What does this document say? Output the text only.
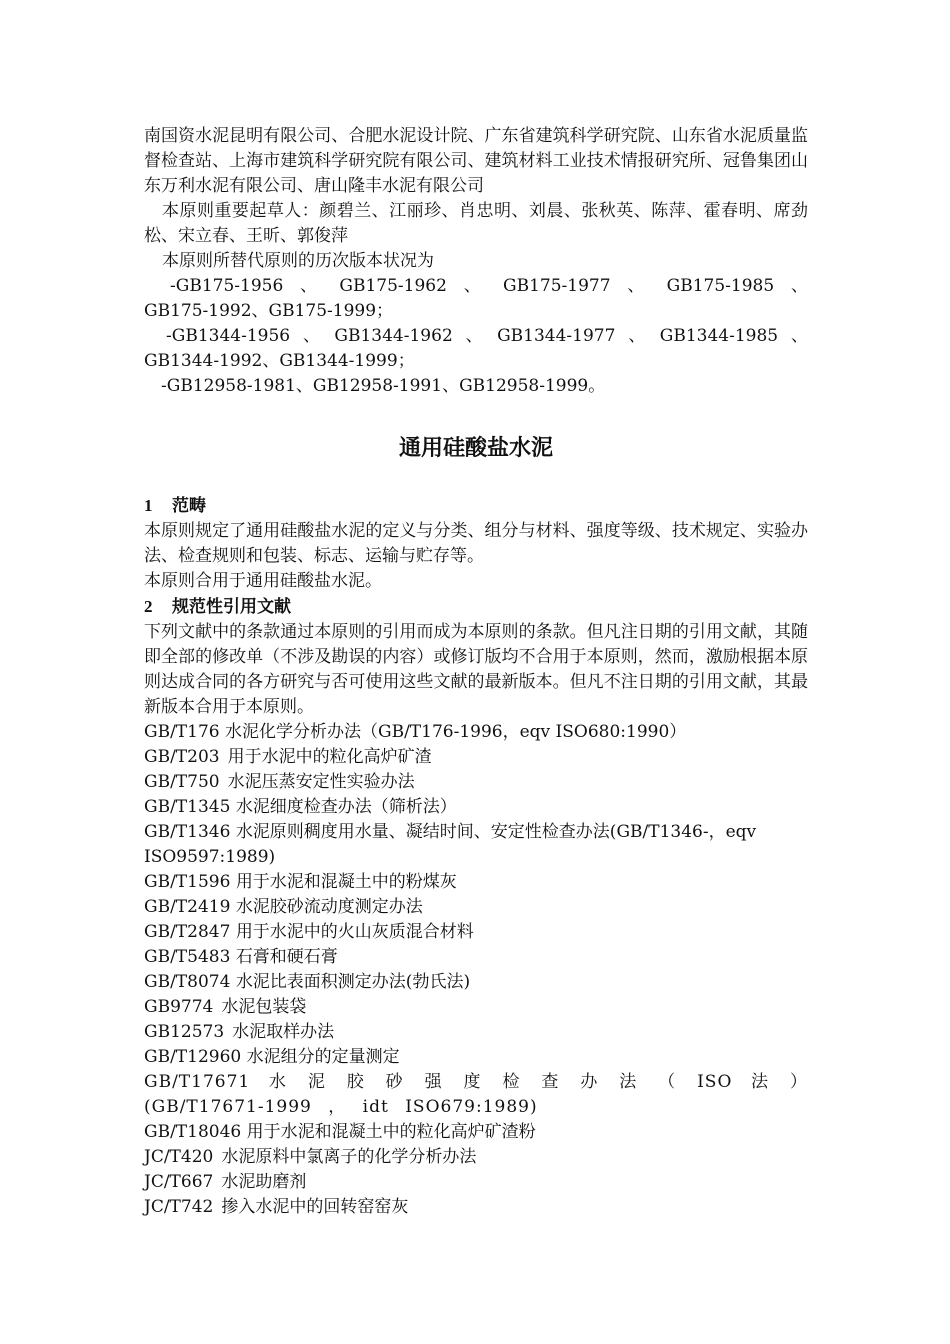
南国资水泥昆明有限公司、合肥水泥设计院、广东省建筑科学研究院、山东省水泥质量监督检查站、上海市建筑科学研究院有限公司、建筑材料工业技术情报研究所、冠鲁集团山东万利水泥有限公司、唐山隆丰水泥有限公司

本原则重要起草人：颜碧兰、江丽珍、肖忠明、刘晨、张秋英、陈萍、霍春明、席劲松、宋立春、王昕、郭俊萍

本原则所替代原则的历次版本状况为

-GB175-1956 、 GB175-1962 、 GB175-1977 、 GB175-1985 、 GB175-1992、GB175-1999；

-GB1344-1956 、 GB1344-1962 、 GB1344-1977 、 GB1344-1985 、 GB1344-1992、GB1344-1999；

-GB12958-1981、GB12958-1991、GB12958-1999。

通用硅酸盐水泥

1 范畴

本原则规定了通用硅酸盐水泥的定义与分类、组分与材料、强度等级、技术规定、实验办法、检查规则和包装、标志、运输与贮存等。

本原则合用于通用硅酸盐水泥。

2 规范性引用文献

下列文献中的条款通过本原则的引用而成为本原则的条款。但凡注日期的引用文献，其随即全部的修改单（不涉及勘误的内容）或修订版均不合用于本原则，然而，激励根据本原则达成合同的各方研究与否可使用这些文献的最新版本。但凡不注日期的引用文献，其最新版本合用于本原则。

GB/T176 水泥化学分析办法（GB/T176-1996，eqv ISO680:1990）

GB/T203 用于水泥中的粒化高炉矿渣

GB/T750 水泥压蒸安定性实验办法

GB/T1345 水泥细度检查办法（筛析法）

GB/T1346 水泥原则稠度用水量、凝结时间、安定性检查办法(GB/T1346-，eqv ISO9597:1989)

GB/T1596 用于水泥和混凝土中的粉煤灰

GB/T2419 水泥胶砂流动度测定办法

GB/T2847 用于水泥中的火山灰质混合材料

GB/T5483 石膏和硬石膏

GB/T8074 水泥比表面积测定办法(勃氏法)

GB9774 水泥包装袋

GB12573 水泥取样办法

GB/T12960 水泥组分的定量测定

GB/T17671 水 泥 胶 砂 强 度 检 查 办 法 （ ISO 法 ） (GB/T17671-1999 ， idt ISO679:1989)

GB/T18046 用于水泥和混凝土中的粒化高炉矿渣粉

JC/T420 水泥原料中氯离子的化学分析办法

JC/T667 水泥助磨剂

JC/T742 掺入水泥中的回转窑窑灰
